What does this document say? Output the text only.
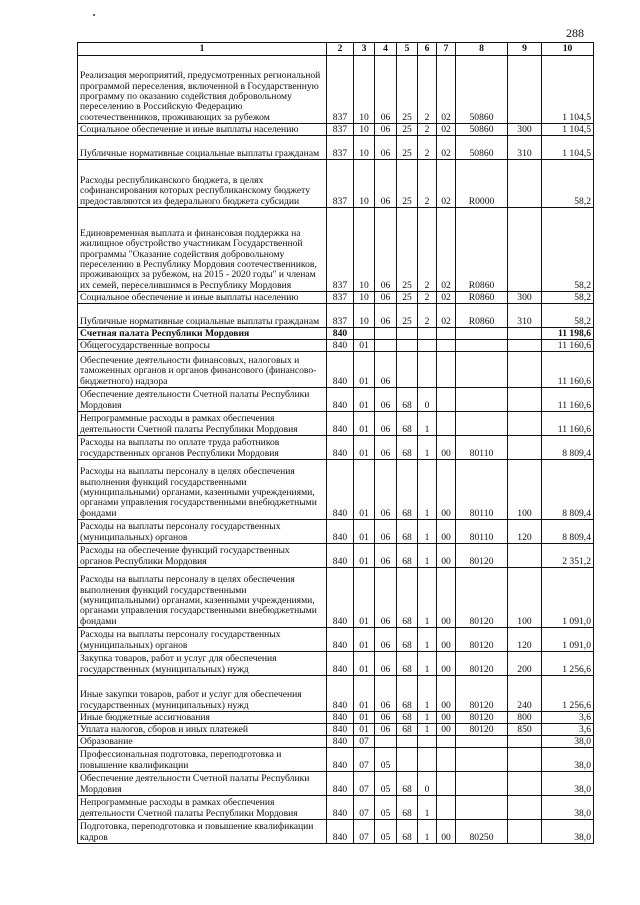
288
1	2	3	4	5	6	7	8	9	10
Реализация мероприятий, предусмотренных региональной программой переселения, включенной в Государственную программу по оказанию содействия добровольному переселению в Российскую Федерацию соотечественников, проживающих за рубежом	837	10	06	25	2	02	50860		1 104,5
Социальное обеспечение и иные выплаты населению	837	10	06	25	2	02	50860	300	1 104,5
Публичные нормативные социальные выплаты гражданам	837	10	06	25	2	02	50860	310	1 104,5
Расходы республиканского бюджета, в целях софинансирования которых республиканскому бюджету предоставляются из федерального бюджета субсидии	837	10	06	25	2	02	R0000		58,2
Единовременная выплата и финансовая поддержка на жилищное обустройство участникам Государственной программы "Оказание содействия добровольному переселению в Республику Мордовия соотечественников, проживающих за рубежом, на 2015 - 2020 годы" и членам их семей, переселившимся в Республику Мордовия	837	10	06	25	2	02	R0860		58,2
Социальное обеспечение и иные выплаты населению	837	10	06	25	2	02	R0860	300	58,2
Публичные нормативные социальные выплаты гражданам	837	10	06	25	2	02	R0860	310	58,2
Счетная палата Республики Мордовия	840								11 198,6
Общегосударственные вопросы	840	01							11 160,6
Обеспечение деятельности финансовых, налоговых и таможенных органов и органов финансового (финансово-бюджетного) надзора	840	01	06						11 160,6
Обеспечение деятельности Счетной палаты Республики Мордовия	840	01	06	68	0				11 160,6
Непрограммные расходы в рамках обеспечения деятельности Счетной палаты Республики Мордовия	840	01	06	68	1				11 160,6
Расходы на выплаты по оплате труда работников государственных органов Республики Мордовия	840	01	06	68	1	00	80110		8 809,4
Расходы на выплаты персоналу в целях обеспечения выполнения функций государственными (муниципальными) органами, казенными учреждениями, органами управления государственными внебюджетными фондами	840	01	06	68	1	00	80110	100	8 809,4
Расходы на выплаты персоналу государственных (муниципальных) органов	840	01	06	68	1	00	80110	120	8 809,4
Расходы на обеспечение функций государственных органов Республики Мордовия	840	01	06	68	1	00	80120		2 351,2
Расходы на выплаты персоналу в целях обеспечения выполнения функций государственными (муниципальными) органами, казенными учреждениями, органами управления государственными внебюджетными фондами	840	01	06	68	1	00	80120	100	1 091,0
Расходы на выплаты персоналу государственных (муниципальных) органов	840	01	06	68	1	00	80120	120	1 091,0
Закупка товаров, работ и услуг для обеспечения государственных (муниципальных) нужд	840	01	06	68	1	00	80120	200	1 256,6
Иные закупки товаров, работ и услуг для обеспечения государственных (муниципальных) нужд	840	01	06	68	1	00	80120	240	1 256,6
Иные бюджетные ассигнования	840	01	06	68	1	00	80120	800	3,6
Уплата налогов, сборов и иных платежей	840	01	06	68	1	00	80120	850	3,6
Образование	840	07							38,0
Профессиональная подготовка, переподготовка и повышение квалификации	840	07	05						38,0
Обеспечение деятельности Счетной палаты Республики Мордовия	840	07	05	68	0				38,0
Непрограммные расходы в рамках обеспечения деятельности Счетной палаты Республики Мордовия	840	07	05	68	1				38,0
Подготовка, переподготовка и повышение квалификации кадров	840	07	05	68	1	00	80250		38,0
